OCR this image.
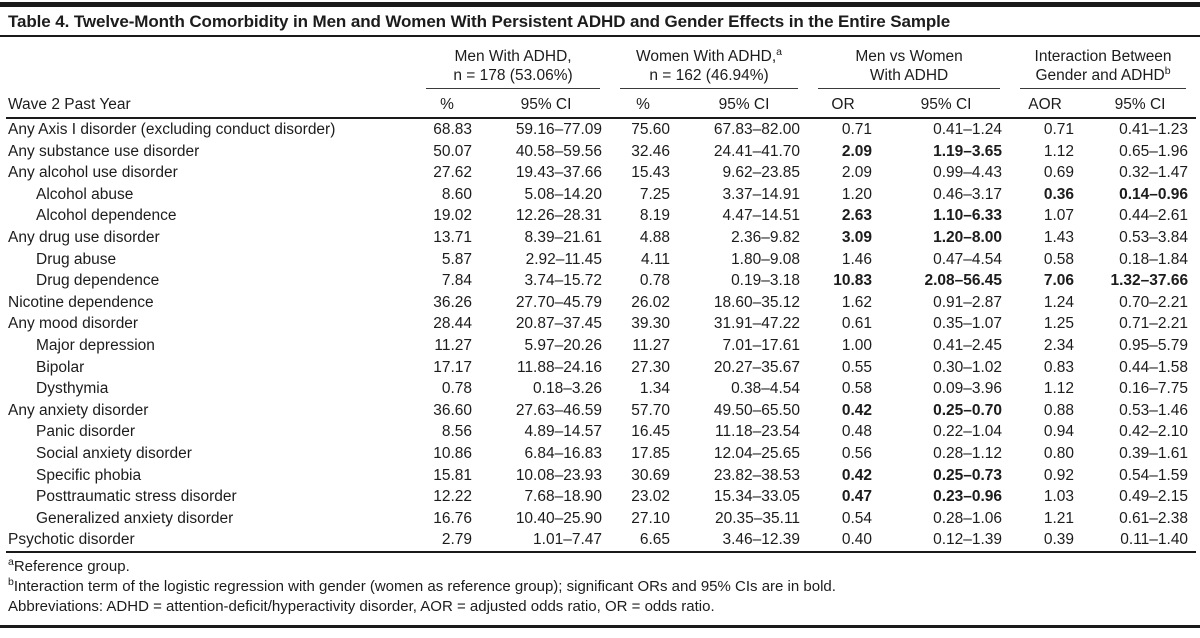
Table 4. Twelve-Month Comorbidity in Men and Women With Persistent ADHD and Gender Effects in the Entire Sample

	Men With ADHD,
n = 178 (53.06%)		Women With ADHD,$^a$
n = 162 (46.94%)		Men vs Women
With ADHD		Interaction Between
Gender and ADHD$^b$

Wave 2 Past Year	%	95% CI	%	95% CI	OR	95% CI	AOR	95% CI
Any Axis I disorder (excluding conduct disorder)	68.83	59.16–77.09	75.60	67.83–82.00	0.71	0.41–1.24	0.71	0.41–1.23
Any substance use disorder	50.07	40.58–59.56	32.46	24.41–41.70	2.09	1.19–3.65	1.12	0.65–1.96
Any alcohol use disorder	27.62	19.43–37.66	15.43	9.62–23.85	2.09	0.99–4.43	0.69	0.32–1.47
Alcohol abuse	8.60	5.08–14.20	7.25	3.37–14.91	1.20	0.46–3.17	0.36	0.14–0.96
Alcohol dependence	19.02	12.26–28.31	8.19	4.47–14.51	2.63	1.10–6.33	1.07	0.44–2.61
Any drug use disorder	13.71	8.39–21.61	4.88	2.36–9.82	3.09	1.20–8.00	1.43	0.53–3.84
Drug abuse	5.87	2.92–11.45	4.11	1.80–9.08	1.46	0.47–4.54	0.58	0.18–1.84
Drug dependence	7.84	3.74–15.72	0.78	0.19–3.18	10.83	2.08–56.45	7.06	1.32–37.66
Nicotine dependence	36.26	27.70–45.79	26.02	18.60–35.12	1.62	0.91–2.87	1.24	0.70–2.21
Any mood disorder	28.44	20.87–37.45	39.30	31.91–47.22	0.61	0.35–1.07	1.25	0.71–2.21
Major depression	11.27	5.97–20.26	11.27	7.01–17.61	1.00	0.41–2.45	2.34	0.95–5.79
Bipolar	17.17	11.88–24.16	27.30	20.27–35.67	0.55	0.30–1.02	0.83	0.44–1.58
Dysthymia	0.78	0.18–3.26	1.34	0.38–4.54	0.58	0.09–3.96	1.12	0.16–7.75
Any anxiety disorder	36.60	27.63–46.59	57.70	49.50–65.50	0.42	0.25–0.70	0.88	0.53–1.46
Panic disorder	8.56	4.89–14.57	16.45	11.18–23.54	0.48	0.22–1.04	0.94	0.42–2.10
Social anxiety disorder	10.86	6.84–16.83	17.85	12.04–25.65	0.56	0.28–1.12	0.80	0.39–1.61
Specific phobia	15.81	10.08–23.93	30.69	23.82–38.53	0.42	0.25–0.73	0.92	0.54–1.59
Posttraumatic stress disorder	12.22	7.68–18.90	23.02	15.34–33.05	0.47	0.23–0.96	1.03	0.49–2.15
Generalized anxiety disorder	16.76	10.40–25.90	27.10	20.35–35.11	0.54	0.28–1.06	1.21	0.61–2.38
Psychotic disorder	2.79	1.01–7.47	6.65	3.46–12.39	0.40	0.12–1.39	0.39	0.11–1.40
$^a$Reference group.
$^b$Interaction term of the logistic regression with gender (women as reference group); significant ORs and 95% CIs are in bold.
Abbreviations: ADHD = attention-deficit/hyperactivity disorder, AOR = adjusted odds ratio, OR = odds ratio.
